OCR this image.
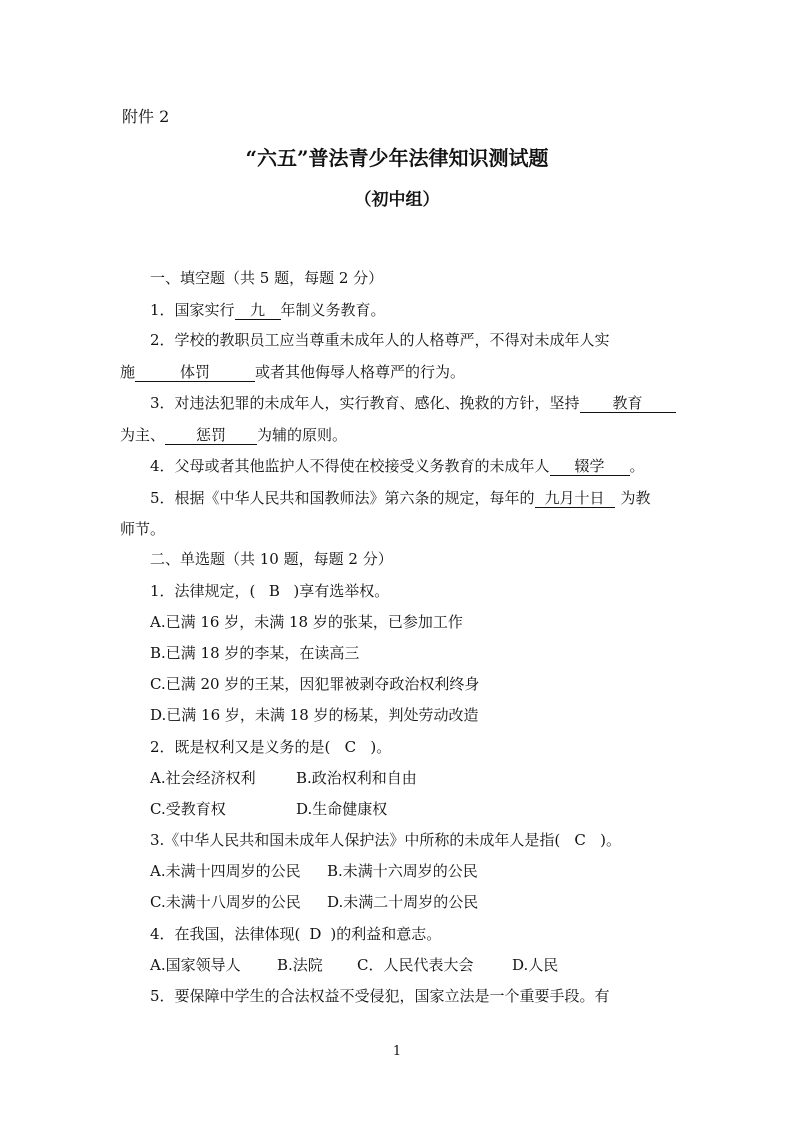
附件 2
“六五”普法青少年法律知识测试题
（初中组）
一、填空题（共 5 题，每题 2 分）
1．国家实行 九 年制义务教育。
2．学校的教职员工应当尊重未成年人的人格尊严，不得对未成年人实
施	体罚	或者其他侮辱人格尊严的行为。
3．对违法犯罪的未成年人，实行教育、感化、挽救的方针，坚持 教育
为主、 惩罚 为辅的原则。
4．父母或者其他监护人不得使在校接受义务教育的未成年人 辍学 。
5．根据《中华人民共和国教师法》第六条的规定，每年的 九月十日 为教
师节。
二、单选题（共 10 题，每题 2 分）
1．法律规定，( B )享有选举权。
A.已满 16 岁，未满 18 岁的张某，已参加工作
B.已满 18 岁的李某，在读高三
C.已满 20 岁的王某，因犯罪被剥夺政治权利终身
D.已满 16 岁，未满 18 岁的杨某，判处劳动改造
2．既是权利又是义务的是( C )。
A.社会经济权利	B.政治权利和自由
C.受教育权	D.生命健康权
3.《中华人民共和国未成年人保护法》中所称的未成年人是指( C )。
A.未满十四周岁的公民 B.未满十六周岁的公民
C.未满十八周岁的公民 D.未满二十周岁的公民
4．在我国，法律体现( D )的利益和意志。
A.国家领导人 B.法院 C．人民代表大会	D.人民
5．要保障中学生的合法权益不受侵犯，国家立法是一个重要手段。有
1
